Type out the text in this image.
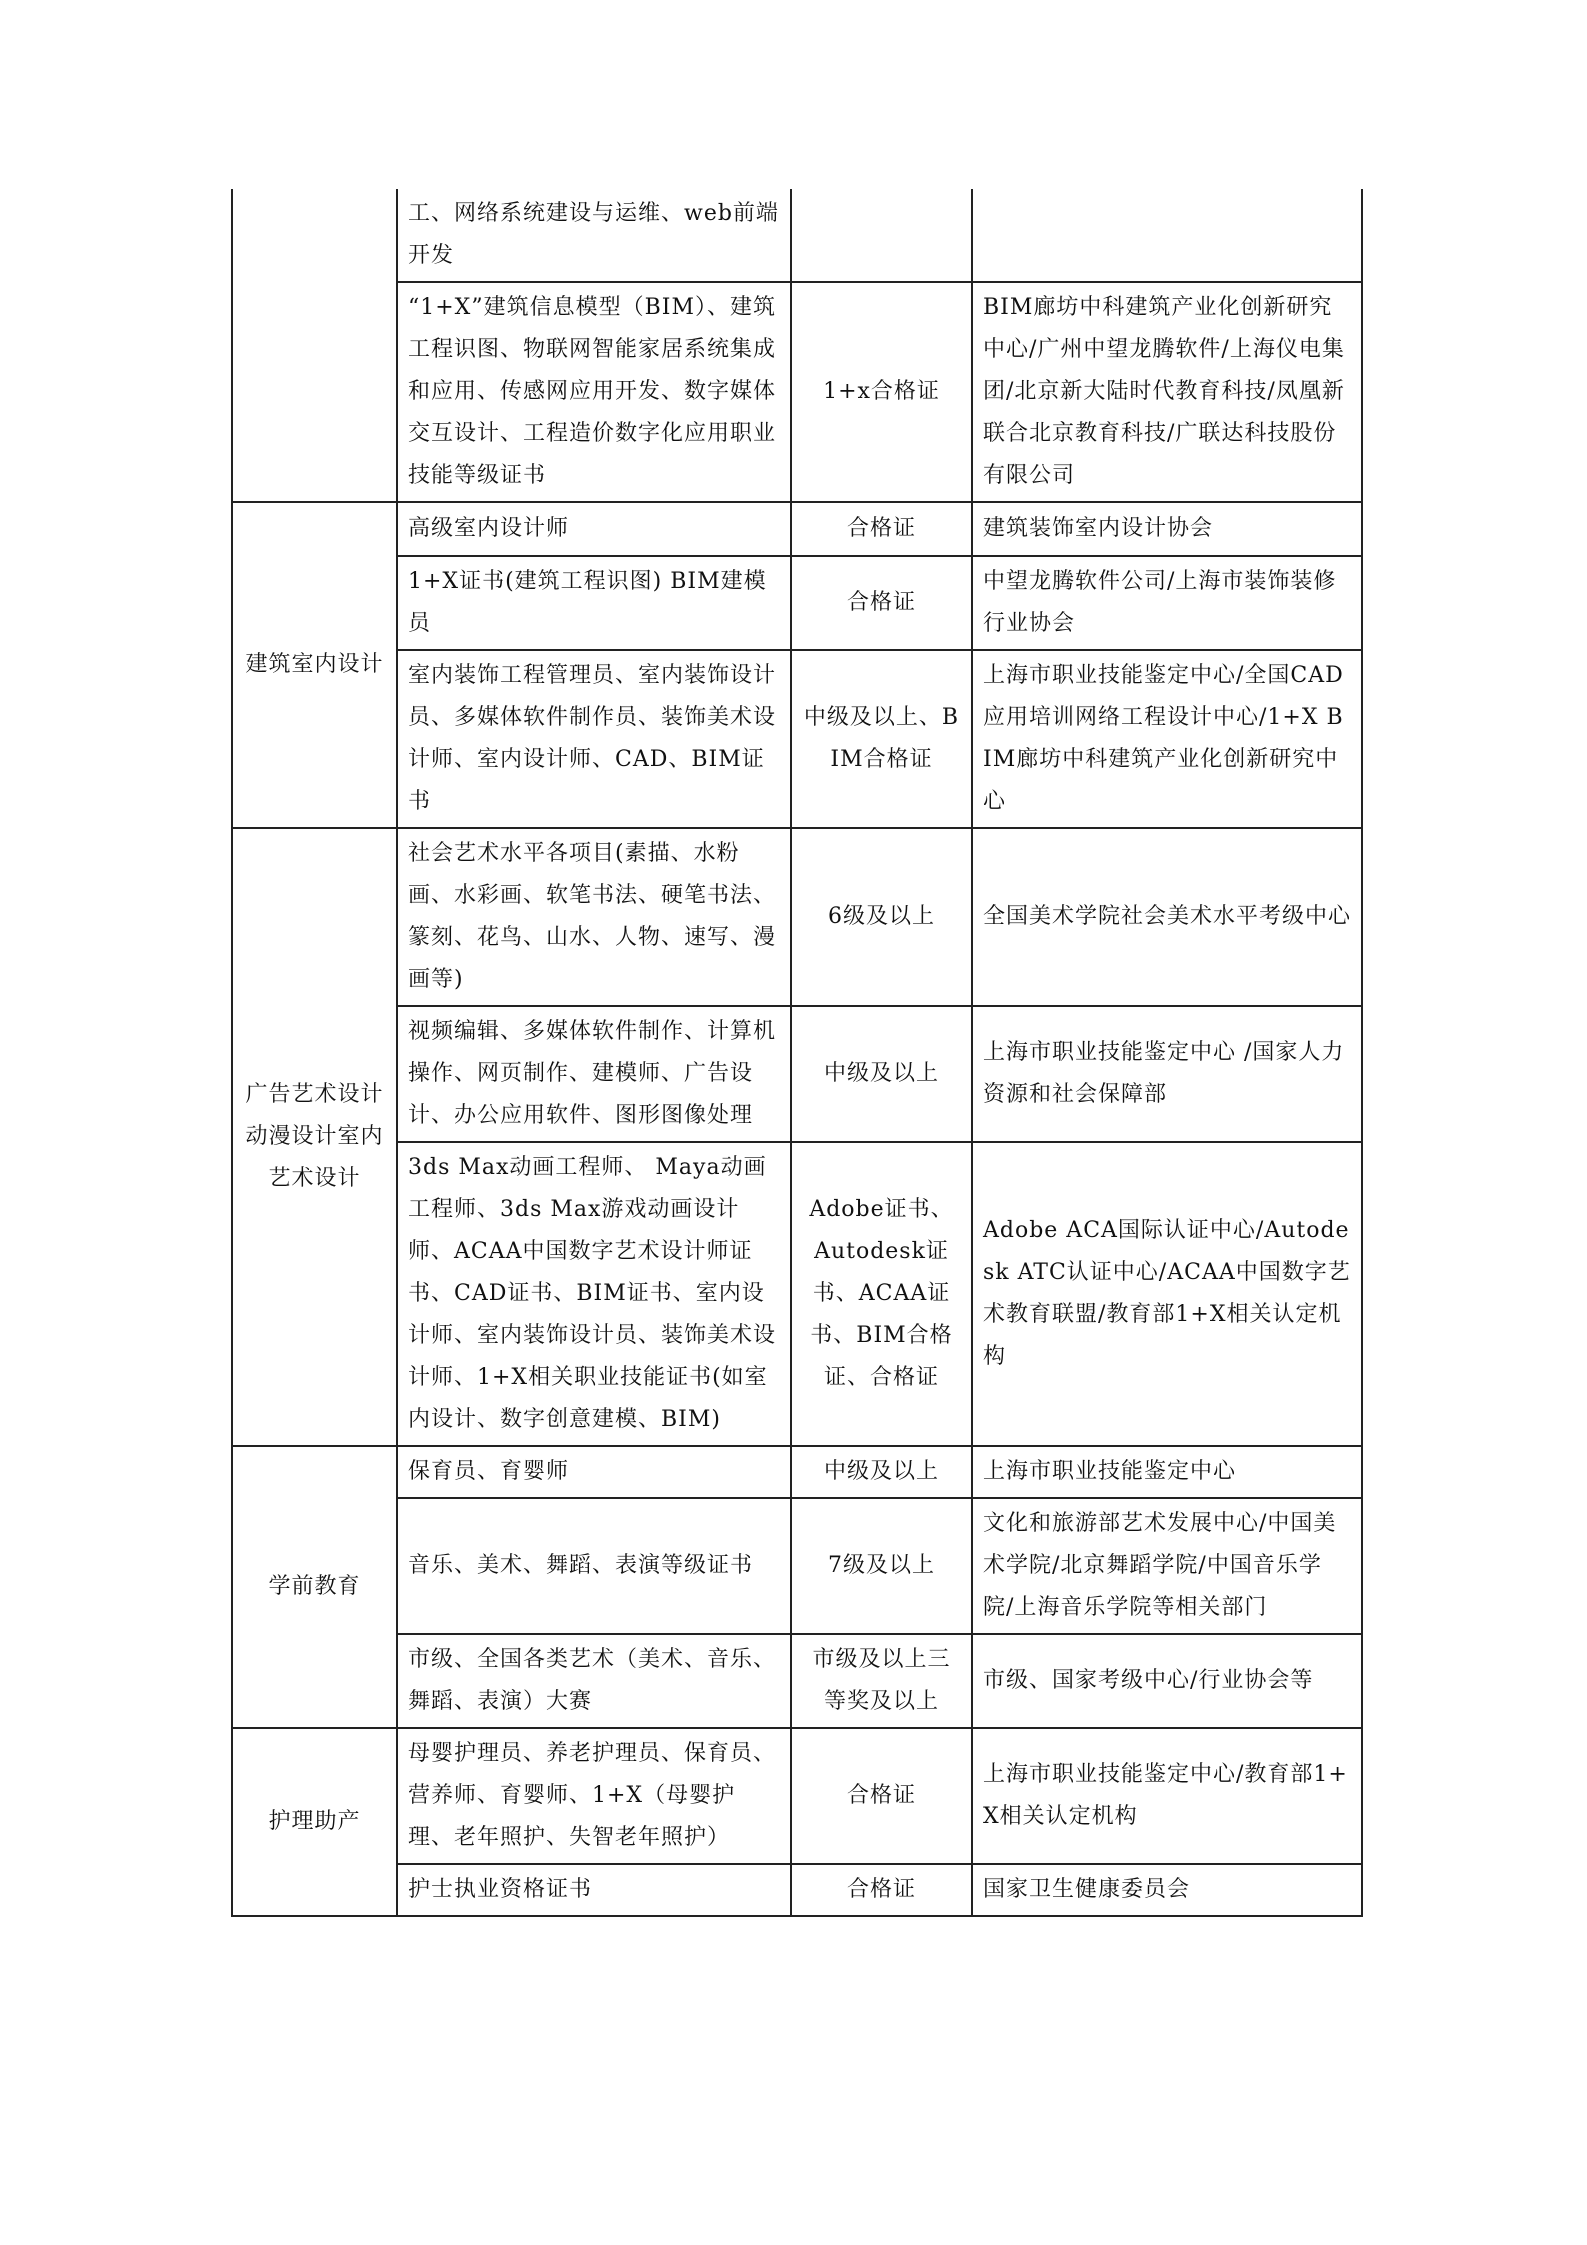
	工、网络系统建设与运维、web前端开发		
	“1+X”建筑信息模型（BIM）、建筑工程识图、物联网智能家居系统集成和应用、传感网应用开发、数字媒体交互设计、工程造价数字化应用职业技能等级证书	1+x合格证	BIM廊坊中科建筑产业化创新研究中心/广州中望龙腾软件/上海仪电集团/北京新大陆时代教育科技/凤凰新联合北京教育科技/广联达科技股份有限公司
建筑室内设计	高级室内设计师	合格证	建筑装饰室内设计协会
	1+X证书(建筑工程识图) BIM建模员	合格证	中望龙腾软件公司/上海市装饰装修行业协会
	室内装饰工程管理员、室内装饰设计员、多媒体软件制作员、装饰美术设计师、室内设计师、CAD、BIM证书	中级及以上、BIM合格证	上海市职业技能鉴定中心/全国CAD应用培训网络工程设计中心/1+X BIM廊坊中科建筑产业化创新研究中心
广告艺术设计动漫设计室内艺术设计	社会艺术水平各项目(素描、水粉画、水彩画、软笔书法、硬笔书法、篆刻、花鸟、山水、人物、速写、漫画等)	6级及以上	全国美术学院社会美术水平考级中心
	视频编辑、多媒体软件制作、计算机操作、网页制作、建模师、广告设计、办公应用软件、图形图像处理	中级及以上	上海市职业技能鉴定中心 /国家人力资源和社会保障部
	3ds Max动画工程师、 Maya动画工程师、3ds Max游戏动画设计师、ACAA中国数字艺术设计师证书、CAD证书、BIM证书、室内设计师、室内装饰设计员、装饰美术设计师、1+X相关职业技能证书(如室内设计、数字创意建模、BIM)	Adobe证书、Autodesk证书、ACAA证书、BIM合格证、合格证	Adobe ACA国际认证中心/Autodesk ATC认证中心/ACAA中国数字艺术教育联盟/教育部1+X相关认定机构
学前教育	保育员、育婴师	中级及以上	上海市职业技能鉴定中心
	音乐、美术、舞蹈、表演等级证书	7级及以上	文化和旅游部艺术发展中心/中国美术学院/北京舞蹈学院/中国音乐学院/上海音乐学院等相关部门
	市级、全国各类艺术（美术、音乐、舞蹈、表演）大赛	市级及以上三等奖及以上	市级、国家考级中心/行业协会等
护理助产	母婴护理员、养老护理员、保育员、营养师、育婴师、1+X（母婴护理、老年照护、失智老年照护）	合格证	上海市职业技能鉴定中心/教育部1+X相关认定机构
	护士执业资格证书	合格证	国家卫生健康委员会
